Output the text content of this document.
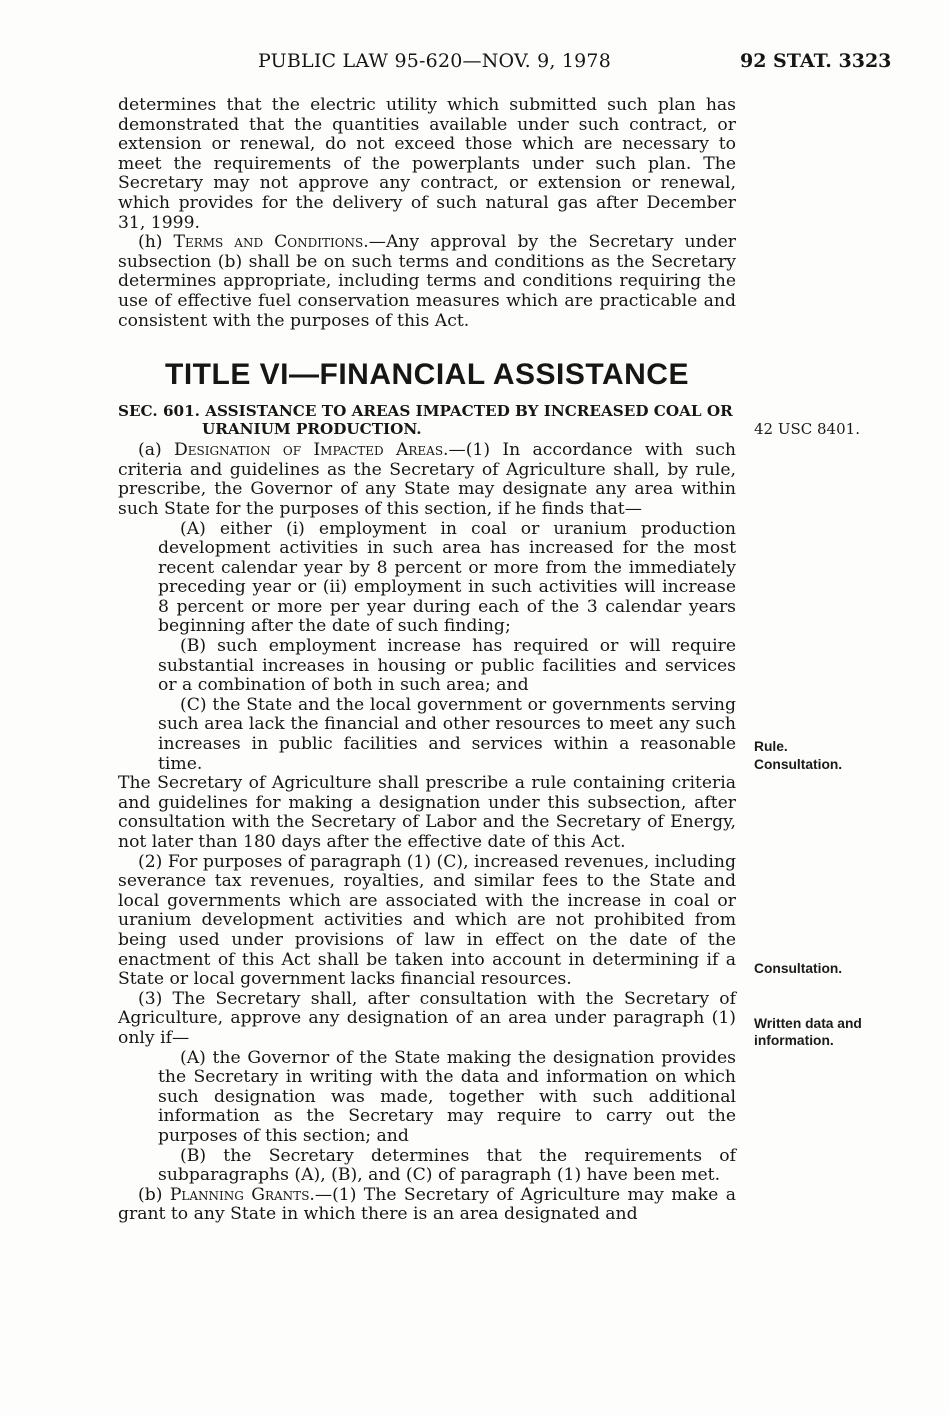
PUBLIC LAW 95-620—NOV. 9, 1978	92 STAT. 3323

determines that the electric utility which submitted such plan has demonstrated that the quantities available under such contract, or extension or renewal, do not exceed those which are necessary to meet the requirements of the powerplants under such plan. The Secretary may not approve any contract, or extension or renewal, which provides for the delivery of such natural gas after December 31, 1999.

(h) Terms and Conditions.—Any approval by the Secretary under subsection (b) shall be on such terms and conditions as the Secretary determines appropriate, including terms and conditions requiring the use of effective fuel conservation measures which are practicable and consistent with the purposes of this Act.

TITLE VI—FINANCIAL ASSISTANCE
SEC. 601. ASSISTANCE TO AREAS IMPACTED BY INCREASED COAL OR
URANIUM PRODUCTION.

(a) Designation of Impacted Areas.—(1) In accordance with such criteria and guidelines as the Secretary of Agriculture shall, by rule, prescribe, the Governor of any State may designate any area within such State for the purposes of this section, if he finds that—

(A) either (i) employment in coal or uranium production development activities in such area has increased for the most recent calendar year by 8 percent or more from the immediately preceding year or (ii) employment in such activities will increase 8 percent or more per year during each of the 3 calendar years beginning after the date of such finding;

(B) such employment increase has required or will require substantial increases in housing or public facilities and services or a combination of both in such area; and

(C) the State and the local government or governments serving such area lack the financial and other resources to meet any such increases in public facilities and services within a reasonable time.

The Secretary of Agriculture shall prescribe a rule containing criteria and guidelines for making a designation under this subsection, after consultation with the Secretary of Labor and the Secretary of Energy, not later than 180 days after the effective date of this Act.

(2) For purposes of paragraph (1) (C), increased revenues, including severance tax revenues, royalties, and similar fees to the State and local governments which are associated with the increase in coal or uranium development activities and which are not prohibited from being used under provisions of law in effect on the date of the enactment of this Act shall be taken into account in determining if a State or local government lacks financial resources.

(3) The Secretary shall, after consultation with the Secretary of Agriculture, approve any designation of an area under paragraph (1) only if—

(A) the Governor of the State making the designation provides the Secretary in writing with the data and information on which such designation was made, together with such additional information as the Secretary may require to carry out the purposes of this section; and

(B) the Secretary determines that the requirements of subparagraphs (A), (B), and (C) of paragraph (1) have been met.

(b) Planning Grants.—(1) The Secretary of Agriculture may make a grant to any State in which there is an area designated and

42 USC 8401.
Rule.
Consultation.
Consultation.
Written data and
information.
